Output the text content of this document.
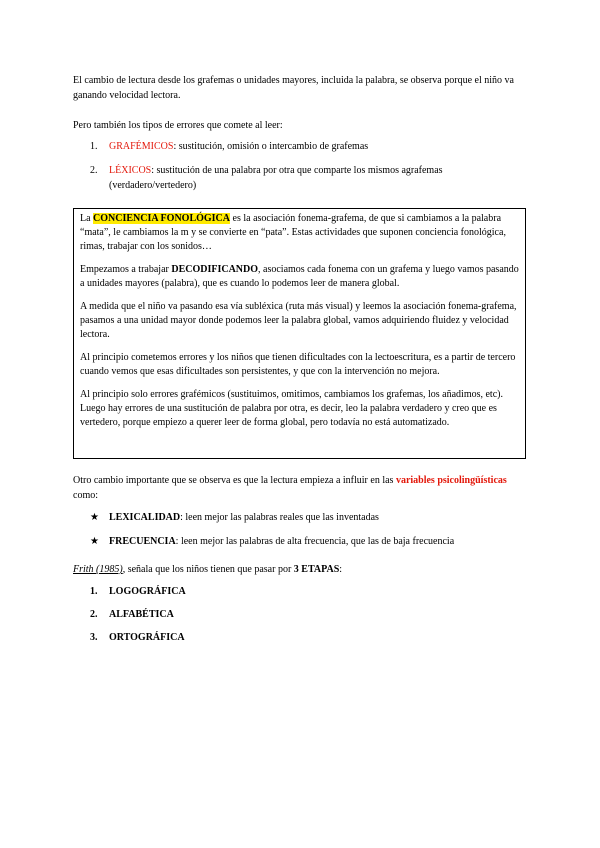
El cambio de lectura desde los grafemas o unidades mayores, incluida la palabra, se observa porque el niño va ganando velocidad lectora.

Pero también los tipos de errores que comete al leer:

1. GRAFÉMICOS: sustitución, omisión o intercambio de grafemas
2. LÉXICOS: sustitución de una palabra por otra que comparte los mismos agrafemas (verdadero/vertedero)

La CONCIENCIA FONOLÓGICA es la asociación fonema-grafema, de que si cambiamos a la palabra “mata”, le cambiamos la m y se convierte en “pata”. Estas actividades que suponen conciencia fonológica, rimas, trabajar con los sonidos…

Empezamos a trabajar DECODIFICANDO, asociamos cada fonema con un grafema y luego vamos pasando a unidades mayores (palabra), que es cuando lo podemos leer de manera global.

A medida que el niño va pasando esa vía subléxica (ruta más visual) y leemos la asociación fonema-grafema, pasamos a una unidad mayor donde podemos leer la palabra global, vamos adquiriendo fluidez y velocidad lectora.

Al principio cometemos errores y los niños que tienen dificultades con la lectoescritura, es a partir de tercero cuando vemos que esas dificultades son persistentes, y que con la intervención no mejora.

Al principio solo errores grafémicos (sustituimos, omitimos, cambiamos los grafemas, los añadimos, etc). Luego hay errores de una sustitución de palabra por otra, es decir, leo la palabra verdadero y creo que es vertedero, porque empiezo a querer leer de forma global, pero todavía no está automatizado.

Otro cambio importante que se observa es que la lectura empieza a influir en las variables psicolingüísticas como:

★ LEXICALIDAD: leen mejor las palabras reales que las inventadas
★ FRECUENCIA: leen mejor las palabras de alta frecuencia, que las de baja frecuencia

Frith (1985), señala que los niños tienen que pasar por 3 ETAPAS:

1. LOGOGRÁFICA
2. ALFABÉTICA
3. ORTOGRÁFICA
